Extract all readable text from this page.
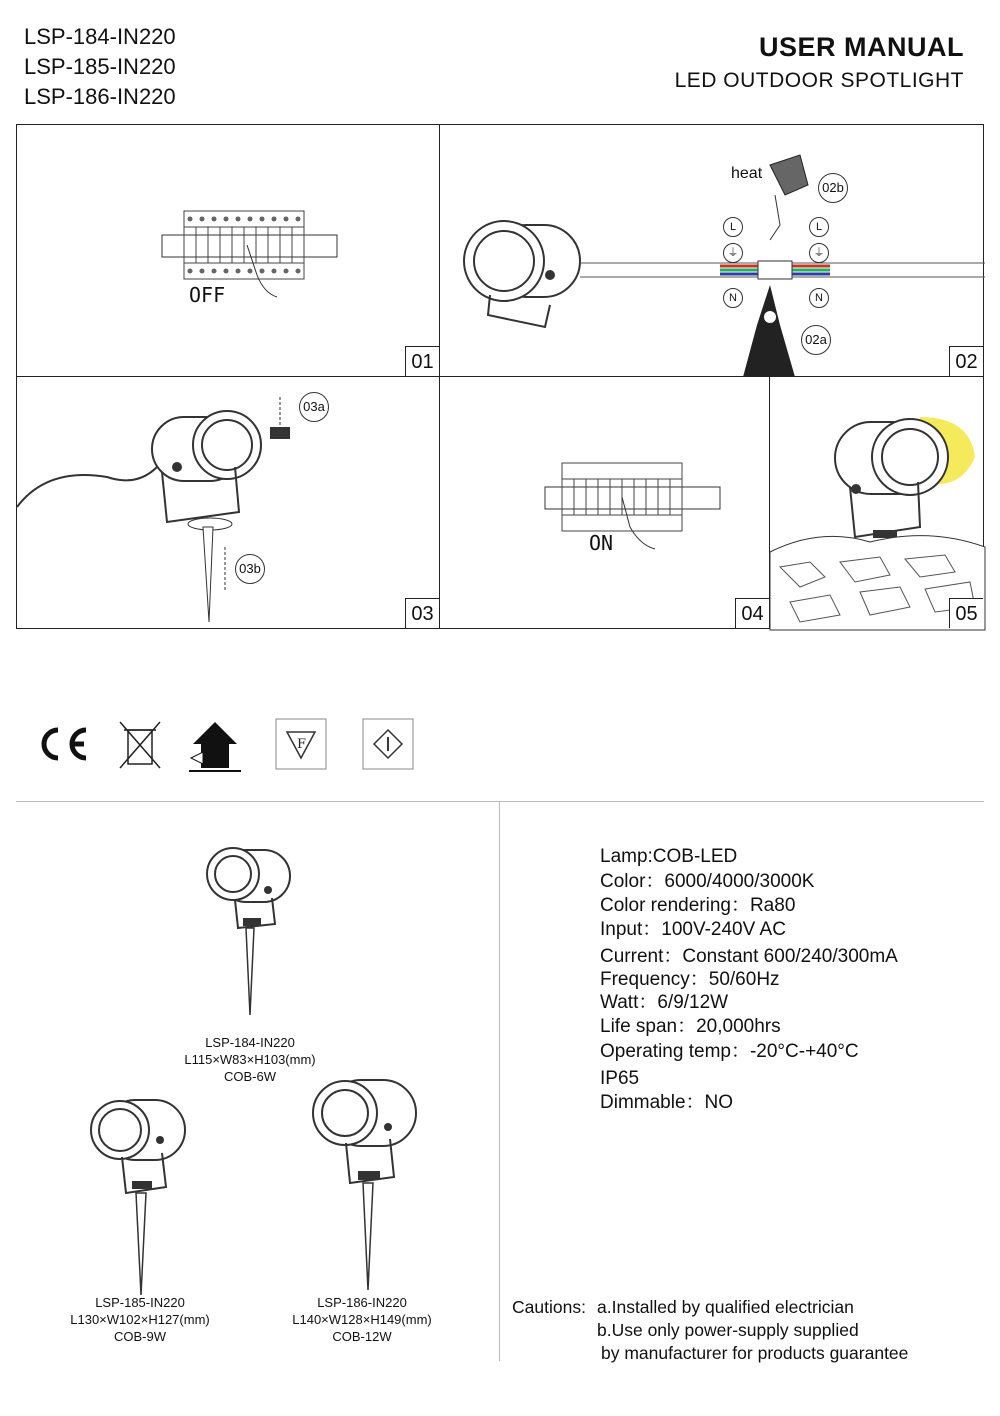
LSP-184-IN220
LSP-185-IN220
LSP-186-IN220
USER MANUAL
LED OUTDOOR SPOTLIGHT
OFF
01
heat
02b
02a
L
⏚
N
L
⏚
N
02
03a
03b
03
ON
04	05
F
LSP-184-IN220
L115×W83×H103(mm)
COB-6W
LSP-185-IN220
L130×W102×H127(mm)
COB-9W
LSP-186-IN220
L140×W128×H149(mm)
COB-12W
Lamp:COB-LED
Color：6000/4000/3000K
Color rendering：Ra80
Input：100V-240V AC
Current：Constant 600/240/300mA
Frequency：50/60Hz
Watt：6/9/12W
Life span：20,000hrs
Operating temp：-20°C-+40°C
IP65
Dimmable：NO
Cautions: a.Installed by qualified electrician
b.Use only power-supply supplied
by manufacturer for products guarantee
